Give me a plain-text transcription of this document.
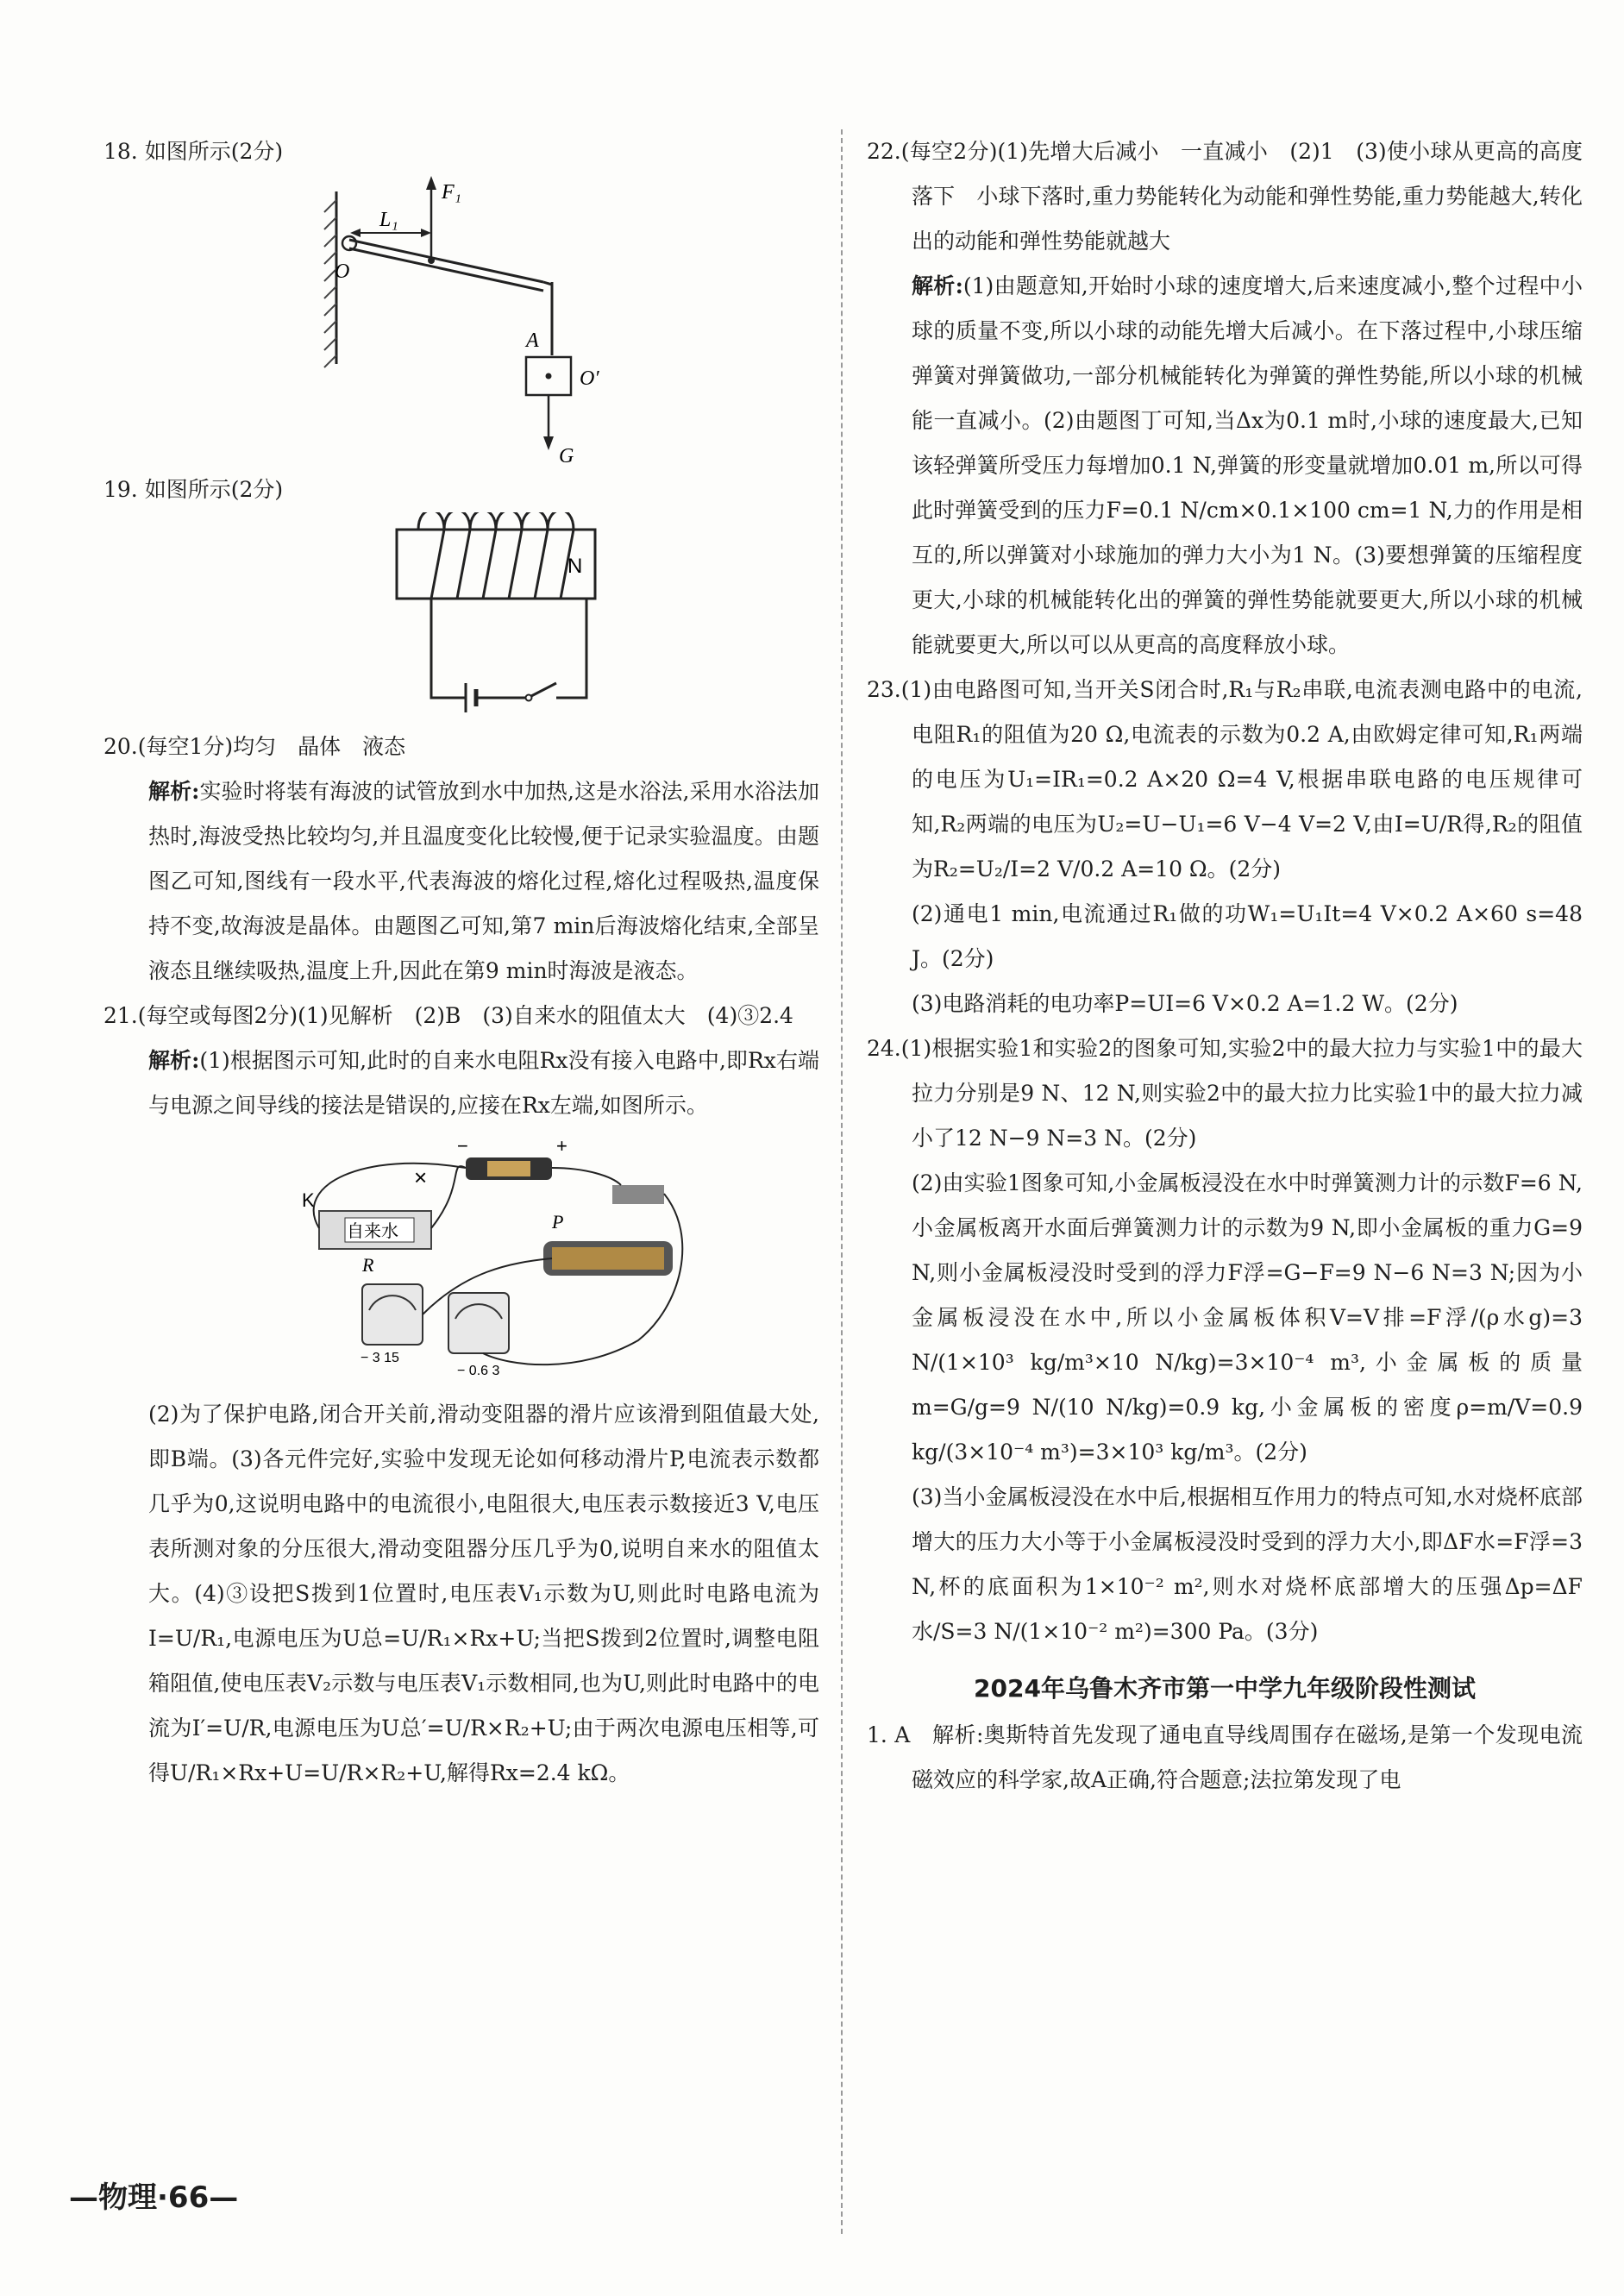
18. 如图所示(2分)

F₁
L₁
O
A
O′
G

19. 如图所示(2分)

N

20.(每空1分)均匀　晶体　液态

解析:实验时将装有海波的试管放到水中加热,这是水浴法,采用水浴法加热时,海波受热比较均匀,并且温度变化比较慢,便于记录实验温度。由题图乙可知,图线有一段水平,代表海波的熔化过程,熔化过程吸热,温度保持不变,故海波是晶体。由题图乙可知,第7 min后海波熔化结束,全部呈液态且继续吸热,温度上升,因此在第9 min时海波是液态。

21.(每空或每图2分)(1)见解析　(2)B　(3)自来水的阻值太大　(4)③2.4

解析:(1)根据图示可知,此时的自来水电阻Rx没有接入电路中,即Rx右端与电源之间导线的接法是错误的,应接在Rx左端,如图所示。

−	+
K
自来水
R
P
− 3 15
− 0.6 3
×

(2)为了保护电路,闭合开关前,滑动变阻器的滑片应该滑到阻值最大处,即B端。(3)各元件完好,实验中发现无论如何移动滑片P,电流表示数都几乎为0,这说明电路中的电流很小,电阻很大,电压表示数接近3 V,电压表所测对象的分压很大,滑动变阻器分压几乎为0,说明自来水的阻值太大。(4)③设把S拨到1位置时,电压表V₁示数为U,则此时电路电流为I=U/R₁,电源电压为U总=U/R₁×Rx+U;当把S拨到2位置时,调整电阻箱阻值,使电压表V₂示数与电压表V₁示数相同,也为U,则此时电路中的电流为I′=U/R,电源电压为U总′=U/R×R₂+U;由于两次电源电压相等,可得U/R₁×Rx+U=U/R×R₂+U,解得Rx=2.4 kΩ。

22.(每空2分)(1)先增大后减小　一直减小　(2)1　(3)使小球从更高的高度落下　小球下落时,重力势能转化为动能和弹性势能,重力势能越大,转化出的动能和弹性势能就越大

解析:(1)由题意知,开始时小球的速度增大,后来速度减小,整个过程中小球的质量不变,所以小球的动能先增大后减小。在下落过程中,小球压缩弹簧对弹簧做功,一部分机械能转化为弹簧的弹性势能,所以小球的机械能一直减小。(2)由题图丁可知,当Δx为0.1 m时,小球的速度最大,已知该轻弹簧所受压力每增加0.1 N,弹簧的形变量就增加0.01 m,所以可得此时弹簧受到的压力F=0.1 N/cm×0.1×100 cm=1 N,力的作用是相互的,所以弹簧对小球施加的弹力大小为1 N。(3)要想弹簧的压缩程度更大,小球的机械能转化出的弹簧的弹性势能就要更大,所以小球的机械能就要更大,所以可以从更高的高度释放小球。

23.(1)由电路图可知,当开关S闭合时,R₁与R₂串联,电流表测电路中的电流,电阻R₁的阻值为20 Ω,电流表的示数为0.2 A,由欧姆定律可知,R₁两端的电压为U₁=IR₁=0.2 A×20 Ω=4 V,根据串联电路的电压规律可知,R₂两端的电压为U₂=U−U₁=6 V−4 V=2 V,由I=U/R得,R₂的阻值为R₂=U₂/I=2 V/0.2 A=10 Ω。(2分)

(2)通电1 min,电流通过R₁做的功W₁=U₁It=4 V×0.2 A×60 s=48 J。(2分)

(3)电路消耗的电功率P=UI=6 V×0.2 A=1.2 W。(2分)

24.(1)根据实验1和实验2的图象可知,实验2中的最大拉力与实验1中的最大拉力分别是9 N、12 N,则实验2中的最大拉力比实验1中的最大拉力减小了12 N−9 N=3 N。(2分)

(2)由实验1图象可知,小金属板浸没在水中时弹簧测力计的示数F=6 N,小金属板离开水面后弹簧测力计的示数为9 N,即小金属板的重力G=9 N,则小金属板浸没时受到的浮力F浮=G−F=9 N−6 N=3 N;因为小金属板浸没在水中,所以小金属板体积V=V排=F浮/(ρ水g)=3 N/(1×10³ kg/m³×10 N/kg)=3×10⁻⁴ m³,小金属板的质量m=G/g=9 N/(10 N/kg)=0.9 kg,小金属板的密度ρ=m/V=0.9 kg/(3×10⁻⁴ m³)=3×10³ kg/m³。(2分)

(3)当小金属板浸没在水中后,根据相互作用力的特点可知,水对烧杯底部增大的压力大小等于小金属板浸没时受到的浮力大小,即ΔF水=F浮=3 N,杯的底面积为1×10⁻² m²,则水对烧杯底部增大的压强Δp=ΔF水/S=3 N/(1×10⁻² m²)=300 Pa。(3分)

2024年乌鲁木齐市第一中学九年级阶段性测试

1. A　解析:奥斯特首先发现了通电直导线周围存在磁场,是第一个发现电流磁效应的科学家,故A正确,符合题意;法拉第发现了电

—物理·66—
